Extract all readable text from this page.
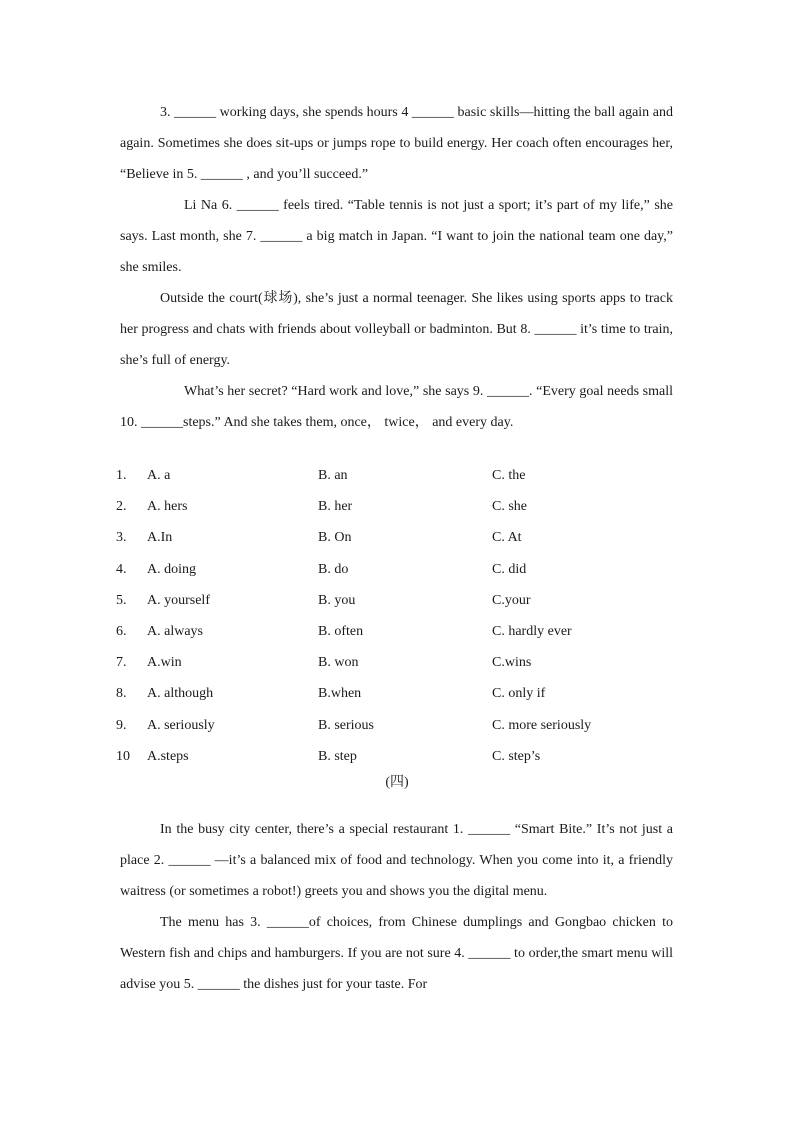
3. ______ working days, she spends hours 4 ______ basic skills—hitting the ball again and again. Sometimes she does sit-ups or jumps rope to build energy. Her coach often encourages her, “Believe in 5. ______ , and you’ll succeed.”

Li Na 6. ______ feels tired. “Table tennis is not just a sport; it’s part of my life,” she says. Last month, she 7. ______ a big match in Japan. “I want to join the national team one day,” she smiles.

Outside the court(球场), she’s just a normal teenager. She likes using sports apps to track her progress and chats with friends about volleyball or badminton. But 8. ______ it’s time to train, she’s full of energy.

What’s her secret? “Hard work and love,” she says 9. ______. “Every goal needs small 10. ______steps.” And she takes them, once， twice， and every day.

1. A. a	B. an	C. the
2. A. hers	B. her	C. she
3. A.In	B. On	C. At
4. A. doing	B. do	C. did
5. A. yourself	B. you	C.your
6. A. always	B. often	C. hardly ever
7. A.win	B. won	C.wins
8. A. although	B.when	C. only if
9. A. seriously	B. serious	C. more seriously
10 A.steps	B. step	C. step’s
(四)

In the busy city center, there’s a special restaurant 1. ______ “Smart Bite.” It’s not just a place 2. ______ —it’s a balanced mix of food and technology. When you come into it, a friendly waitress (or sometimes a robot!) greets you and shows you the digital menu.

The menu has 3. ______of choices, from Chinese dumplings and Gongbao chicken to Western fish and chips and hamburgers. If you are not sure 4. ______ to order,the smart menu will advise you 5. ______ the dishes just for your taste. For
